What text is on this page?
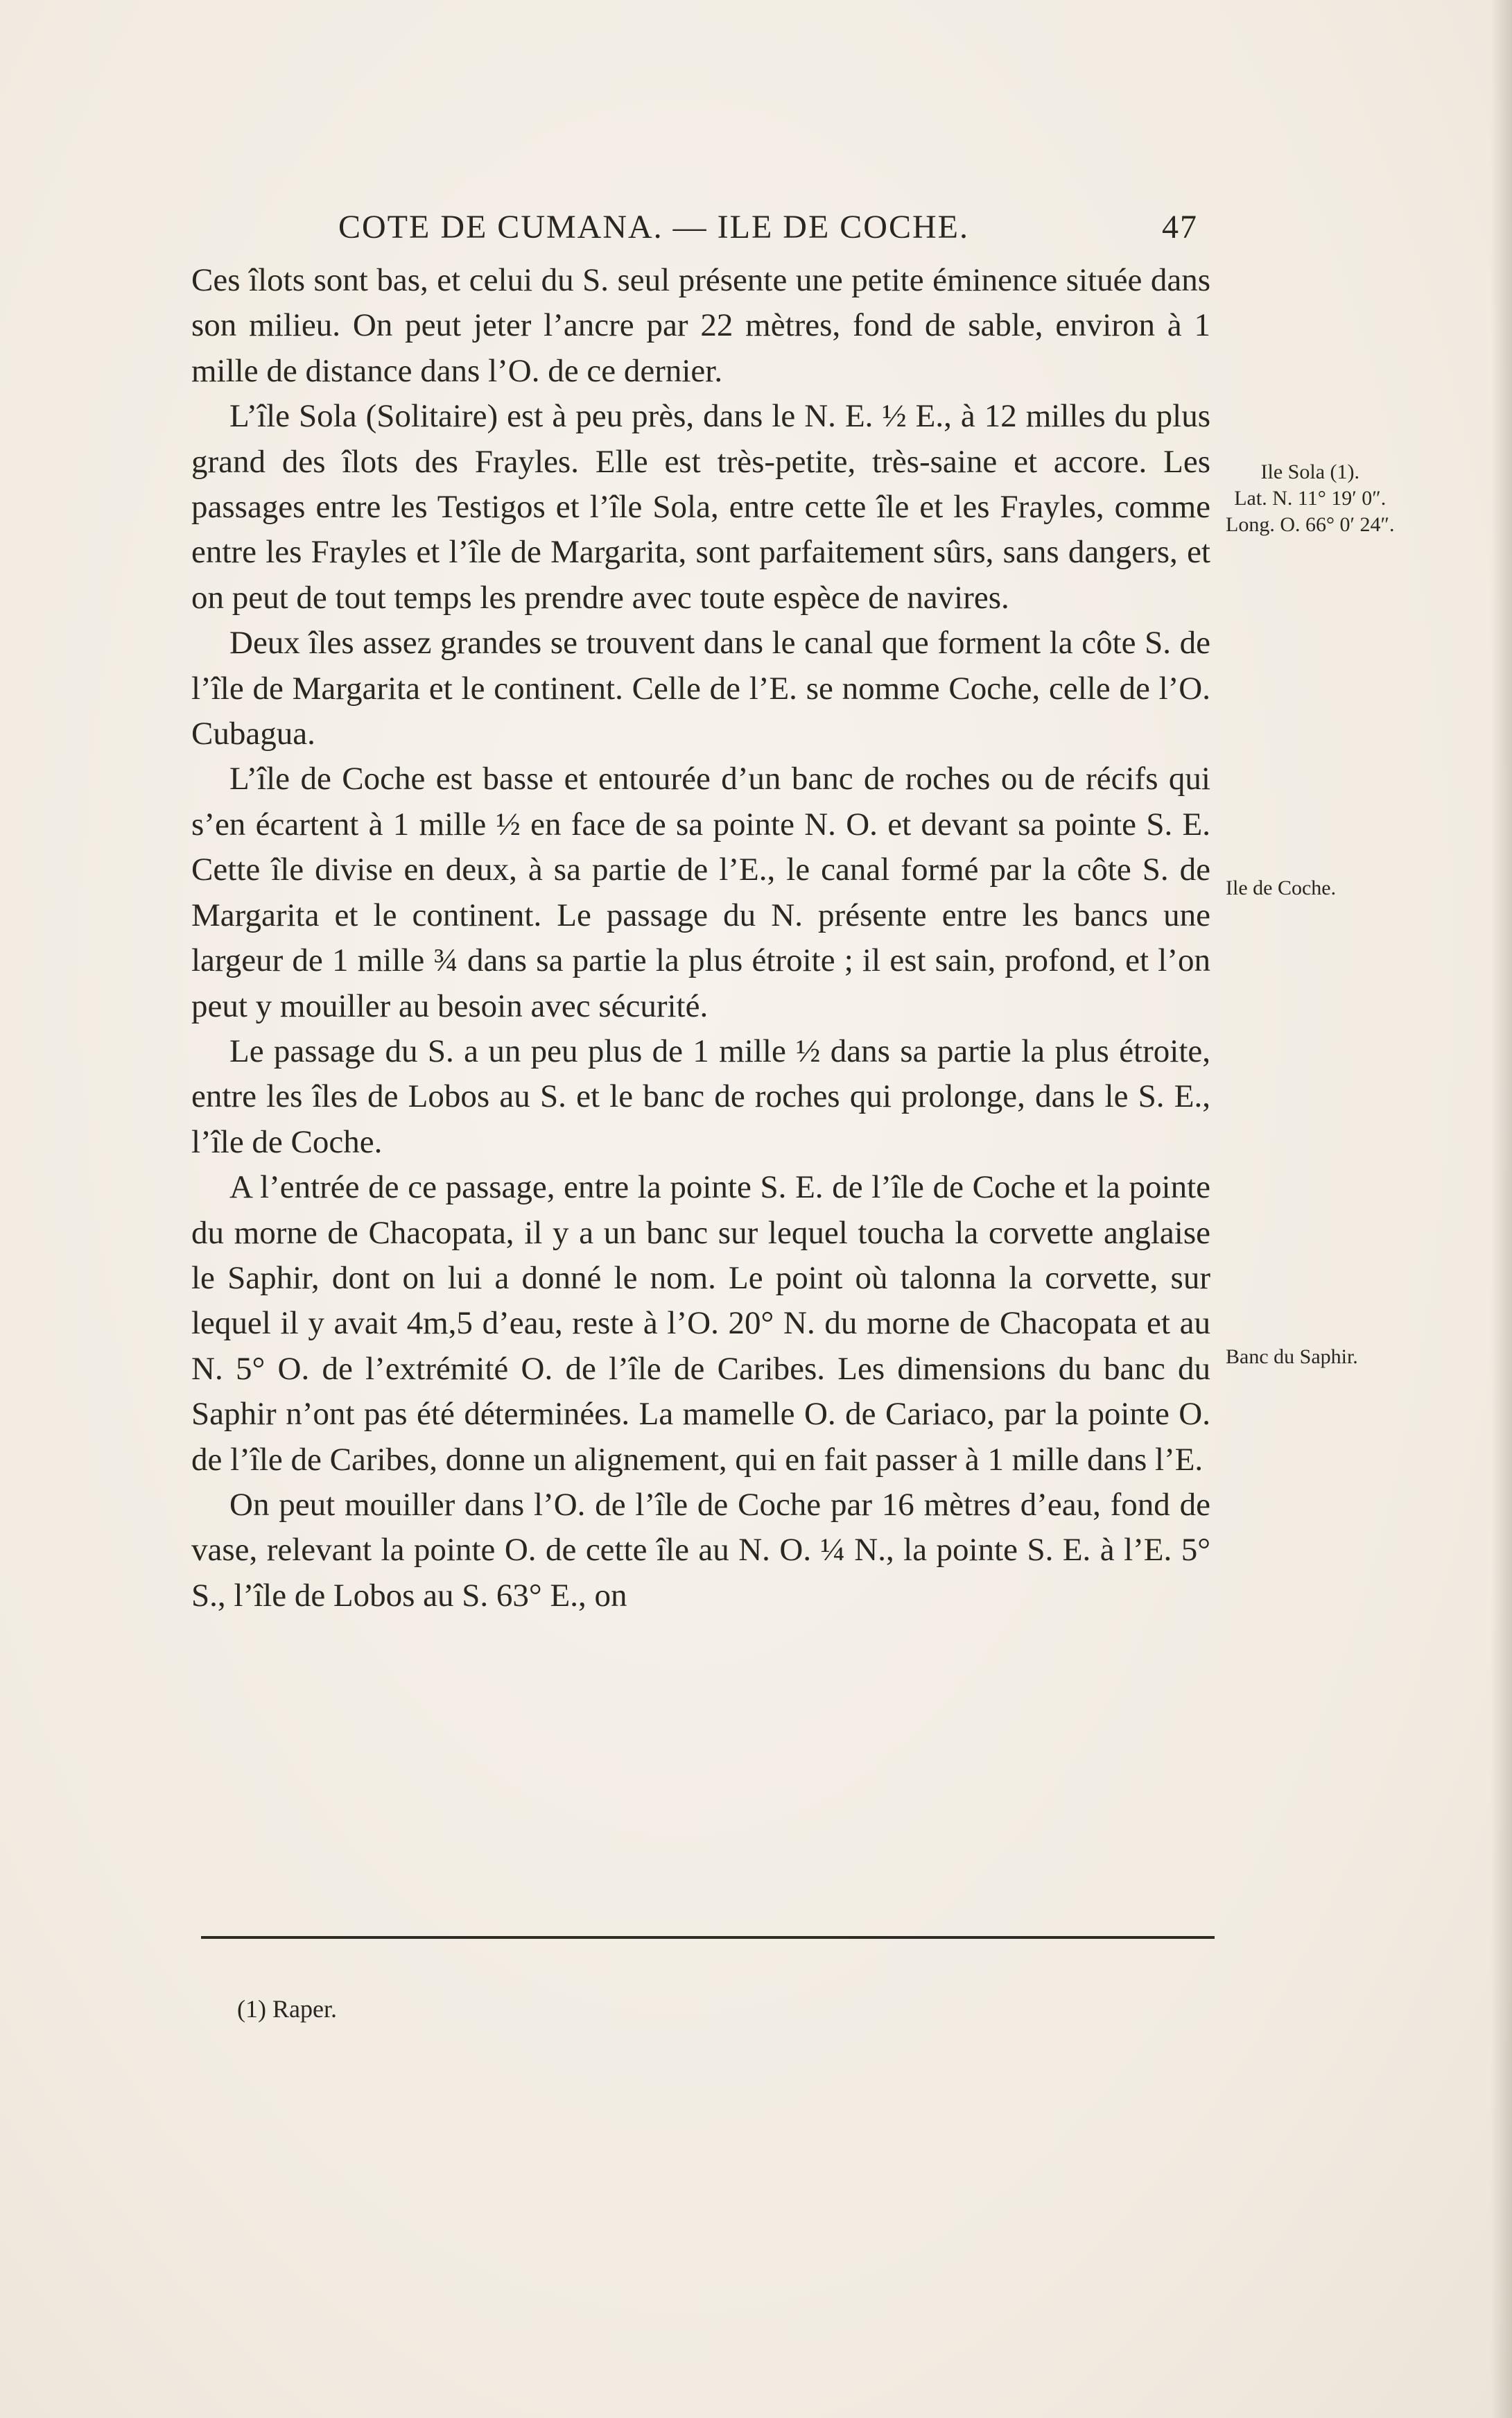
COTE DE CUMANA. — ILE DE COCHE.	47

Ces îlots sont bas, et celui du S. seul présente une petite éminence située dans son milieu. On peut jeter l’ancre par 22 mètres, fond de sable, environ à 1 mille de distance dans l’O. de ce dernier.

L’île Sola (Solitaire) est à peu près, dans le N. E. ½ E., à 12 milles du plus grand des îlots des Frayles. Elle est très-petite, très-saine et accore. Les passages entre les Testigos et l’île Sola, entre cette île et les Frayles, comme entre les Frayles et l’île de Margarita, sont parfaitement sûrs, sans dangers, et on peut de tout temps les prendre avec toute espèce de navires.

Deux îles assez grandes se trouvent dans le canal que forment la côte S. de l’île de Margarita et le continent. Celle de l’E. se nomme Coche, celle de l’O. Cubagua.

L’île de Coche est basse et entourée d’un banc de roches ou de récifs qui s’en écartent à 1 mille ½ en face de sa pointe N. O. et devant sa pointe S. E. Cette île divise en deux, à sa partie de l’E., le canal formé par la côte S. de Margarita et le continent. Le passage du N. présente entre les bancs une largeur de 1 mille ¾ dans sa partie la plus étroite ; il est sain, profond, et l’on peut y mouiller au besoin avec sécurité.

Le passage du S. a un peu plus de 1 mille ½ dans sa partie la plus étroite, entre les îles de Lobos au S. et le banc de roches qui prolonge, dans le S. E., l’île de Coche.

A l’entrée de ce passage, entre la pointe S. E. de l’île de Coche et la pointe du morne de Chacopata, il y a un banc sur lequel toucha la corvette anglaise le Saphir, dont on lui a donné le nom. Le point où talonna la corvette, sur lequel il y avait 4m,5 d’eau, reste à l’O. 20° N. du morne de Chacopata et au N. 5° O. de l’extrémité O. de l’île de Caribes. Les dimensions du banc du Saphir n’ont pas été déterminées. La mamelle O. de Cariaco, par la pointe O. de l’île de Caribes, donne un alignement, qui en fait passer à 1 mille dans l’E.

On peut mouiller dans l’O. de l’île de Coche par 16 mètres d’eau, fond de vase, relevant la pointe O. de cette île au N. O. ¼ N., la pointe S. E. à l’E. 5° S., l’île de Lobos au S. 63° E., on

Ile Sola (1).
Lat. N. 11° 19′ 0″.
Long. O. 66° 0′ 24″.
Ile de Coche.
Banc du Saphir.
(1) Raper.
